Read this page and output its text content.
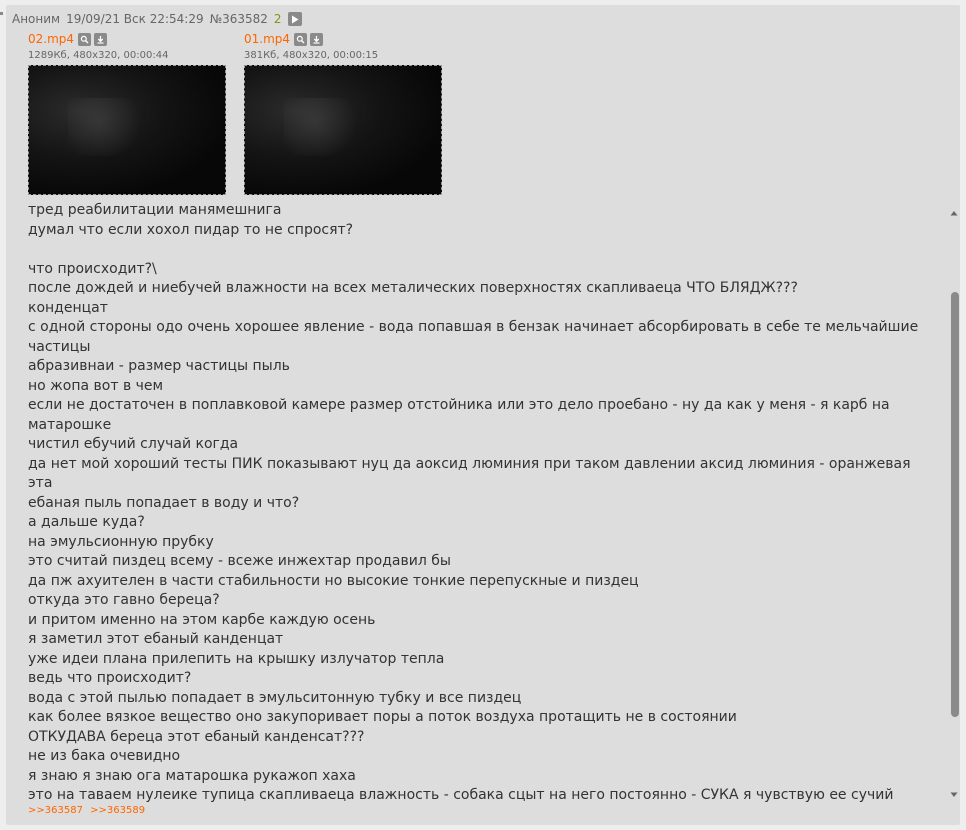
Аноним 19/09/21 Вск 22:54:29 №363582 2
02.mp4
1289Кб, 480x320, 00:00:44
01.mp4
381Кб, 480x320, 00:00:15
тред реабилитации манямешнига
думал что если хохол пидар то не спросят?
что происходит?\
после дождей и ниебучей влажности на всех металических поверхностях скапливаеца ЧТО БЛЯДЖ???
конденцат
с одной стороны одо очень хорошее явление - вода попавшая в бензак начинает абсорбировать в себе те мельчайшие частицы
абразивнаи - размер частицы пыль
но жопа вот в чем
если не достаточен в поплавковой камере размер отстойника или это дело проебано - ну да как у меня - я карб на матарошке
чистил ебучий случай когда
да нет мой хороший тесты ПИК показывают нуц да аоксид люминия при таком давлении аксид люминия - оранжевая эта
ебаная пыль попадает в воду и что?
а дальше куда?
на эмульсионную прубку
это считай пиздец всему - всеже инжехтар продавил бы
да пж ахуителен в части стабильности но высокие тонкие перепускные и пиздец
откуда это гавно береца?
и притом именно на этом карбе каждую осень
я заметил этот ебаный канденцат
уже идеи плана прилепить на крышку излучатор тепла
ведь что происходит?
вода с этой пылью попадает в эмульситонную тубку и все пиздец
как более вязкое вещество оно закупоривает поры а поток воздуха протащить не в состоянии
ОТКУДАВА береца этот ебаный канденсат???
не из бака очевидно
я знаю я знаю ога матарошка рукажоп хаха
это на таваем нулеике тупица скапливаеца влажность - собака сцыт на него постоянно - СУКА я чувствую ее сучий
>>363587 >>363589
